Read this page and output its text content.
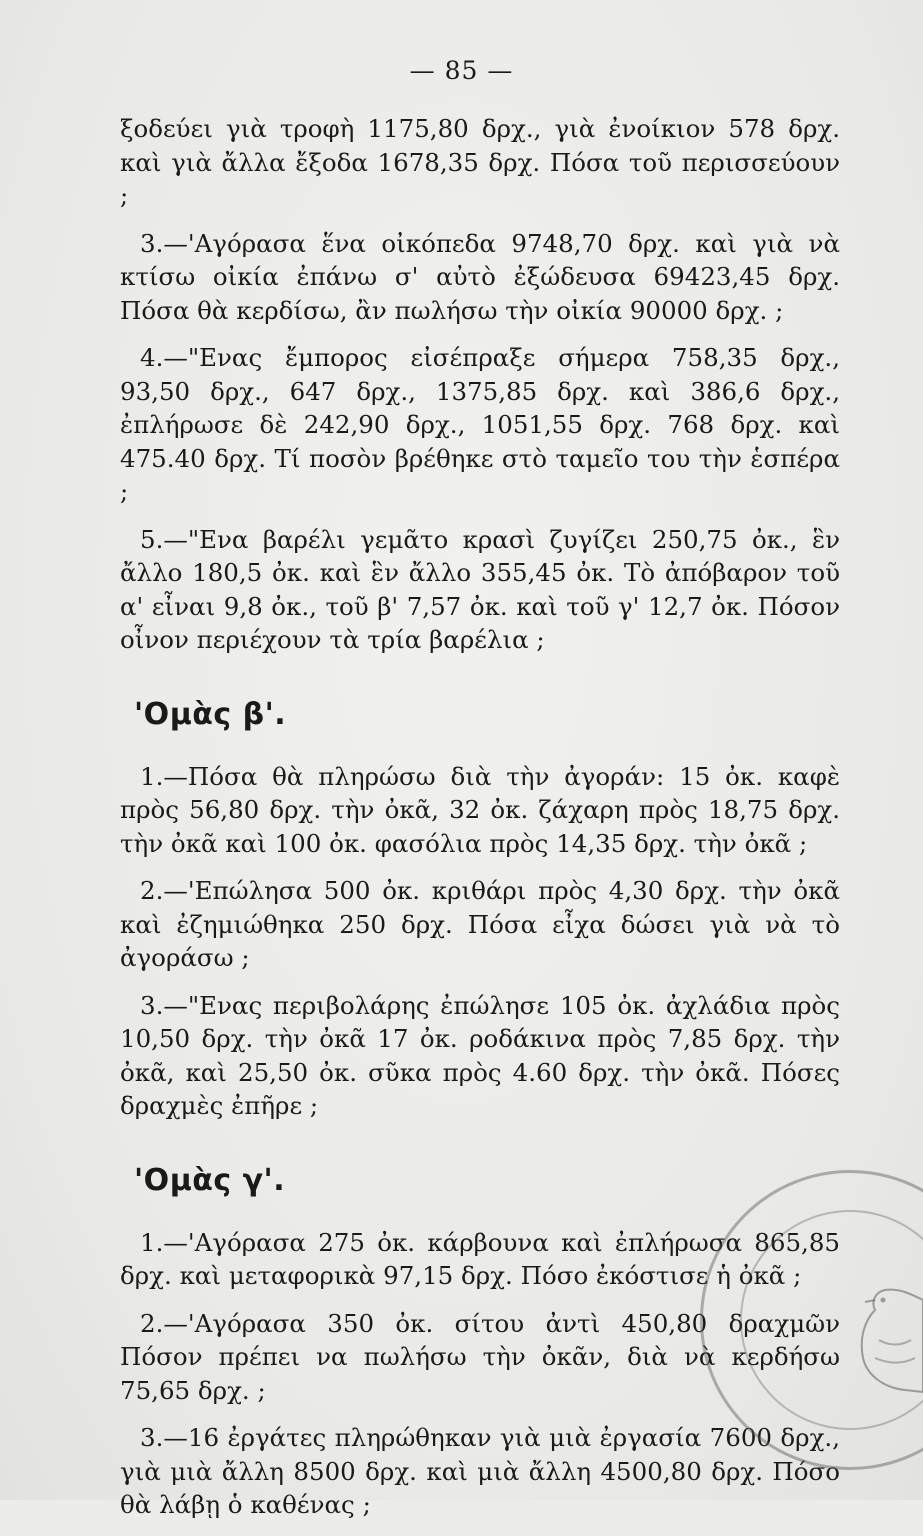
— 85 —

ξοδεύει γιὰ τροφὴ 1175,80 δρχ., γιὰ ἐνοίκιον 578 δρχ. καὶ γιὰ ἄλλα ἔξοδα 1678,35 δρχ. Πόσα τοῦ περισσεύουν ;

3.—'Αγόρασα ἕνα οἰκόπεδα 9748,70 δρχ. καὶ γιὰ νὰ κτίσω οἰκία ἐπάνω σ' αὐτὸ ἐξώδευσα 69423,45 δρχ. Πόσα θὰ κερδίσω, ἂν πωλήσω τὴν οἰκία 90000 δρχ. ;

4.—"Ενας ἔμπορος εἰσέπραξε σήμερα 758,35 δρχ., 93,50 δρχ., 647 δρχ., 1375,85 δρχ. καὶ 386,6 δρχ., ἐπλήρωσε δὲ 242,90 δρχ., 1051,55 δρχ. 768 δρχ. καὶ 475.40 δρχ. Τί ποσὸν βρέθηκε στὸ ταμεῖο του τὴν ἑσπέρα ;

5.—"Ενα βαρέλι γεμᾶτο κρασὶ ζυγίζει 250,75 ὀκ., ἓν ἄλλο 180,5 ὀκ. καὶ ἓν ἄλλο 355,45 ὀκ. Τὸ ἀπόβαρον τοῦ α' εἶναι 9,8 ὀκ., τοῦ β' 7,57 ὀκ. καὶ τοῦ γ' 12,7 ὀκ. Πόσον οἶνον περιέχουν τὰ τρία βαρέλια ;

'Ομὰς β'.

1.—Πόσα θὰ πληρώσω διὰ τὴν ἀγοράν: 15 ὀκ. καφὲ πρὸς 56,80 δρχ. τὴν ὀκᾶ, 32 ὀκ. ζάχαρη πρὸς 18,75 δρχ. τὴν ὀκᾶ καὶ 100 ὀκ. φασόλια πρὸς 14,35 δρχ. τὴν ὀκᾶ ;

2.—'Επώλησα 500 ὀκ. κριθάρι πρὸς 4,30 δρχ. τὴν ὀκᾶ καὶ ἐζημιώθηκα 250 δρχ. Πόσα εἶχα δώσει γιὰ νὰ τὸ ἀγοράσω ;

3.—"Ενας περιβολάρης ἐπώλησε 105 ὀκ. ἀχλάδια πρὸς 10,50 δρχ. τὴν ὀκᾶ 17 ὀκ. ροδάκινα πρὸς 7,85 δρχ. τὴν ὀκᾶ, καὶ 25,50 ὀκ. σῦκα πρὸς 4.60 δρχ. τὴν ὀκᾶ. Πόσες δραχμὲς ἐπῆρε ;

'Ομὰς γ'.

1.—'Αγόρασα 275 ὀκ. κάρβουνα καὶ ἐπλήρωσα 865,85 δρχ. καὶ μεταφορικὰ 97,15 δρχ. Πόσο ἐκόστισε ἡ ὀκᾶ ;

2.—'Αγόρασα 350 ὀκ. σίτου ἀντὶ 450,80 δραχμῶν Πόσον πρέπει να πωλήσω τὴν ὀκᾶν, διὰ νὰ κερδήσω 75,65 δρχ. ;

3.—16 ἐργάτες πληρώθηκαν γιὰ μιὰ ἐργασία 7600 δρχ., γιὰ μιὰ ἄλλη 8500 δρχ. καὶ μιὰ ἄλλη 4500,80 δρχ. Πόσο θὰ λάβῃ ὁ καθένας ;
